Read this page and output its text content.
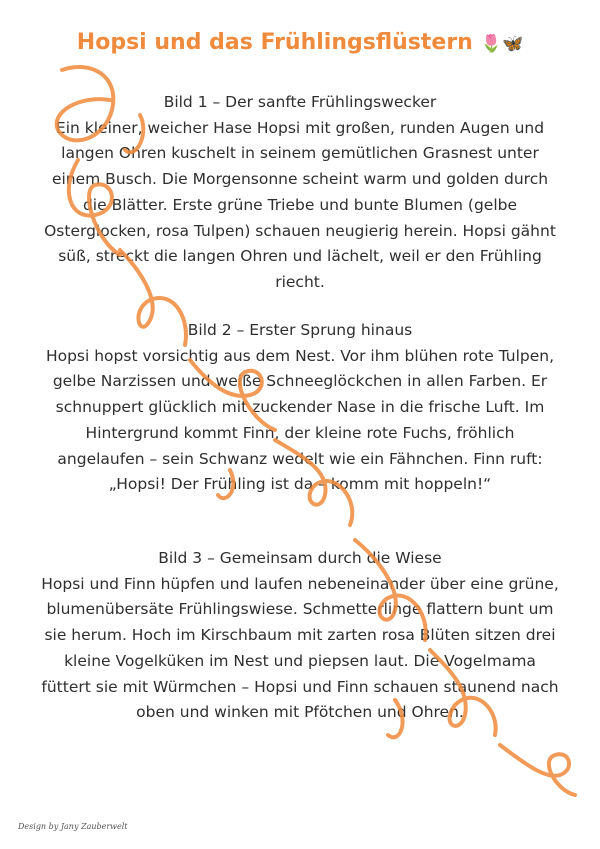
Hopsi und das Frühlingsflüstern 🌷🦋
Bild 1 – Der sanfte Frühlingswecker
Ein kleiner, weicher Hase Hopsi mit großen, runden Augen und langen Ohren kuschelt in seinem gemütlichen Grasnest unter einem Busch. Die Morgensonne scheint warm und golden durch die Blätter. Erste grüne Triebe und bunte Blumen (gelbe Osterglocken, rosa Tulpen) schauen neugierig herein. Hopsi gähnt süß, streckt die langen Ohren und lächelt, weil er den Frühling riecht.
Bild 2 – Erster Sprung hinaus
Hopsi hopst vorsichtig aus dem Nest. Vor ihm blühen rote Tulpen, gelbe Narzissen und weiße Schneeglöckchen in allen Farben. Er schnuppert glücklich mit zuckender Nase in die frische Luft. Im Hintergrund kommt Finn, der kleine rote Fuchs, fröhlich angelaufen – sein Schwanz wedelt wie ein Fähnchen. Finn ruft: „Hopsi! Der Frühling ist da – komm mit hoppeln!“
Bild 3 – Gemeinsam durch die Wiese
Hopsi und Finn hüpfen und laufen nebeneinander über eine grüne, blumenübersäte Frühlingswiese. Schmetterlinge flattern bunt um sie herum. Hoch im Kirschbaum mit zarten rosa Blüten sitzen drei kleine Vogelküken im Nest und piepsen laut. Die Vogelmama füttert sie mit Würmchen – Hopsi und Finn schauen staunend nach oben und winken mit Pfötchen und Ohren.
Design by Jany Zauberwelt
